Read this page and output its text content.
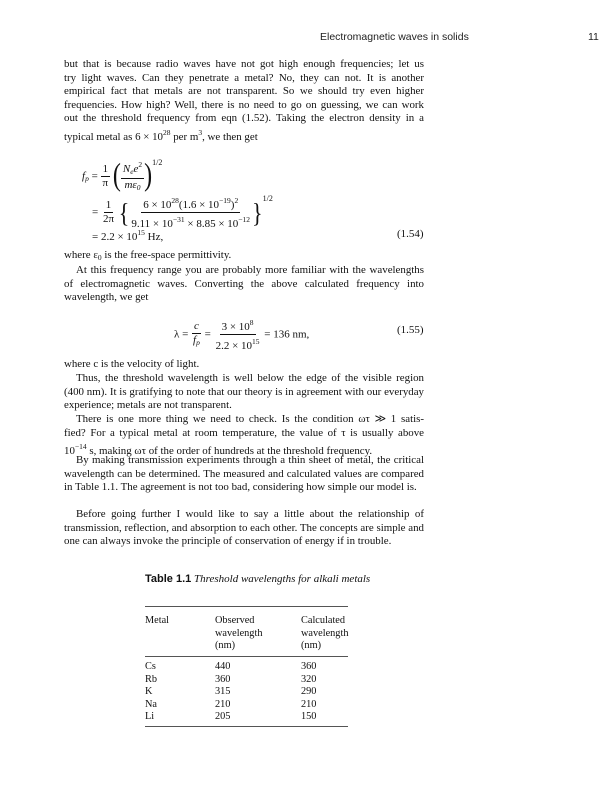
Electromagnetic waves in solids	11
but that is because radio waves have not got high enough frequencies; let us
try light waves. Can they penetrate a metal? No, they can not. It is another
empirical fact that metals are not transparent. So we should try even higher
frequencies. How high? Well, there is no need to go on guessing, we can work
out the threshold frequency from eqn (1.52). Taking the electron density in a
typical metal as $6 \times 10^{28}$ per $m^3$, we then get
$f_p = \frac{1}{\pi}$ ( $\frac{N_ee^2}{m\varepsilon_0} )^{1/2}$
= $\frac{1}{2\pi}$ { $\frac{6 \times 10^{28}(1.6 \times 10^{-19})^2}{9.11 \times 10^{-31} \times 8.85 \times 10^{-12}} \}^{1/2}$
= $2.2 \times 10^{15}$ Hz,	(1.54)
where $\varepsilon_0$ is the free-space permittivity.

At this frequency range you are probably more familiar with the wavelengths of electromagnetic waves. Converting the above calculated frequency into wavelength, we get

$\lambda = \frac{c}{f_p} = \frac{3 \times 10^8}{2.2 \times 10^{15}} = 136$ nm,	(1.55)

where c is the velocity of light.

Thus, the threshold wavelength is well below the edge of the visible region (400 nm). It is gratifying to note that our theory is in agreement with our everyday experience; metals are not transparent.

There is one more thing we need to check. Is the condition ωτ ≫ 1 satis-
fied? For a typical metal at room temperature, the value of τ is usually above
$10^{-14}$ s, making ωτ of the order of hundreds at the threshold frequency.

By making transmission experiments through a thin sheet of metal, the critical wavelength can be determined. The measured and calculated values are compared in Table 1.1. The agreement is not too bad, considering how simple our model is.

Before going further I would like to say a little about the relationship of transmission, reflection, and absorption to each other. The concepts are simple and one can always invoke the principle of conservation of energy if in trouble.

Table 1.1 Threshold wavelengths for alkali metals
Metal	Observed
wavelength
(nm)
Calculated
wavelength
(nm)
Cs	440	360
Rb	360	320
K	315	290
Na	210	210
Li	205	150
